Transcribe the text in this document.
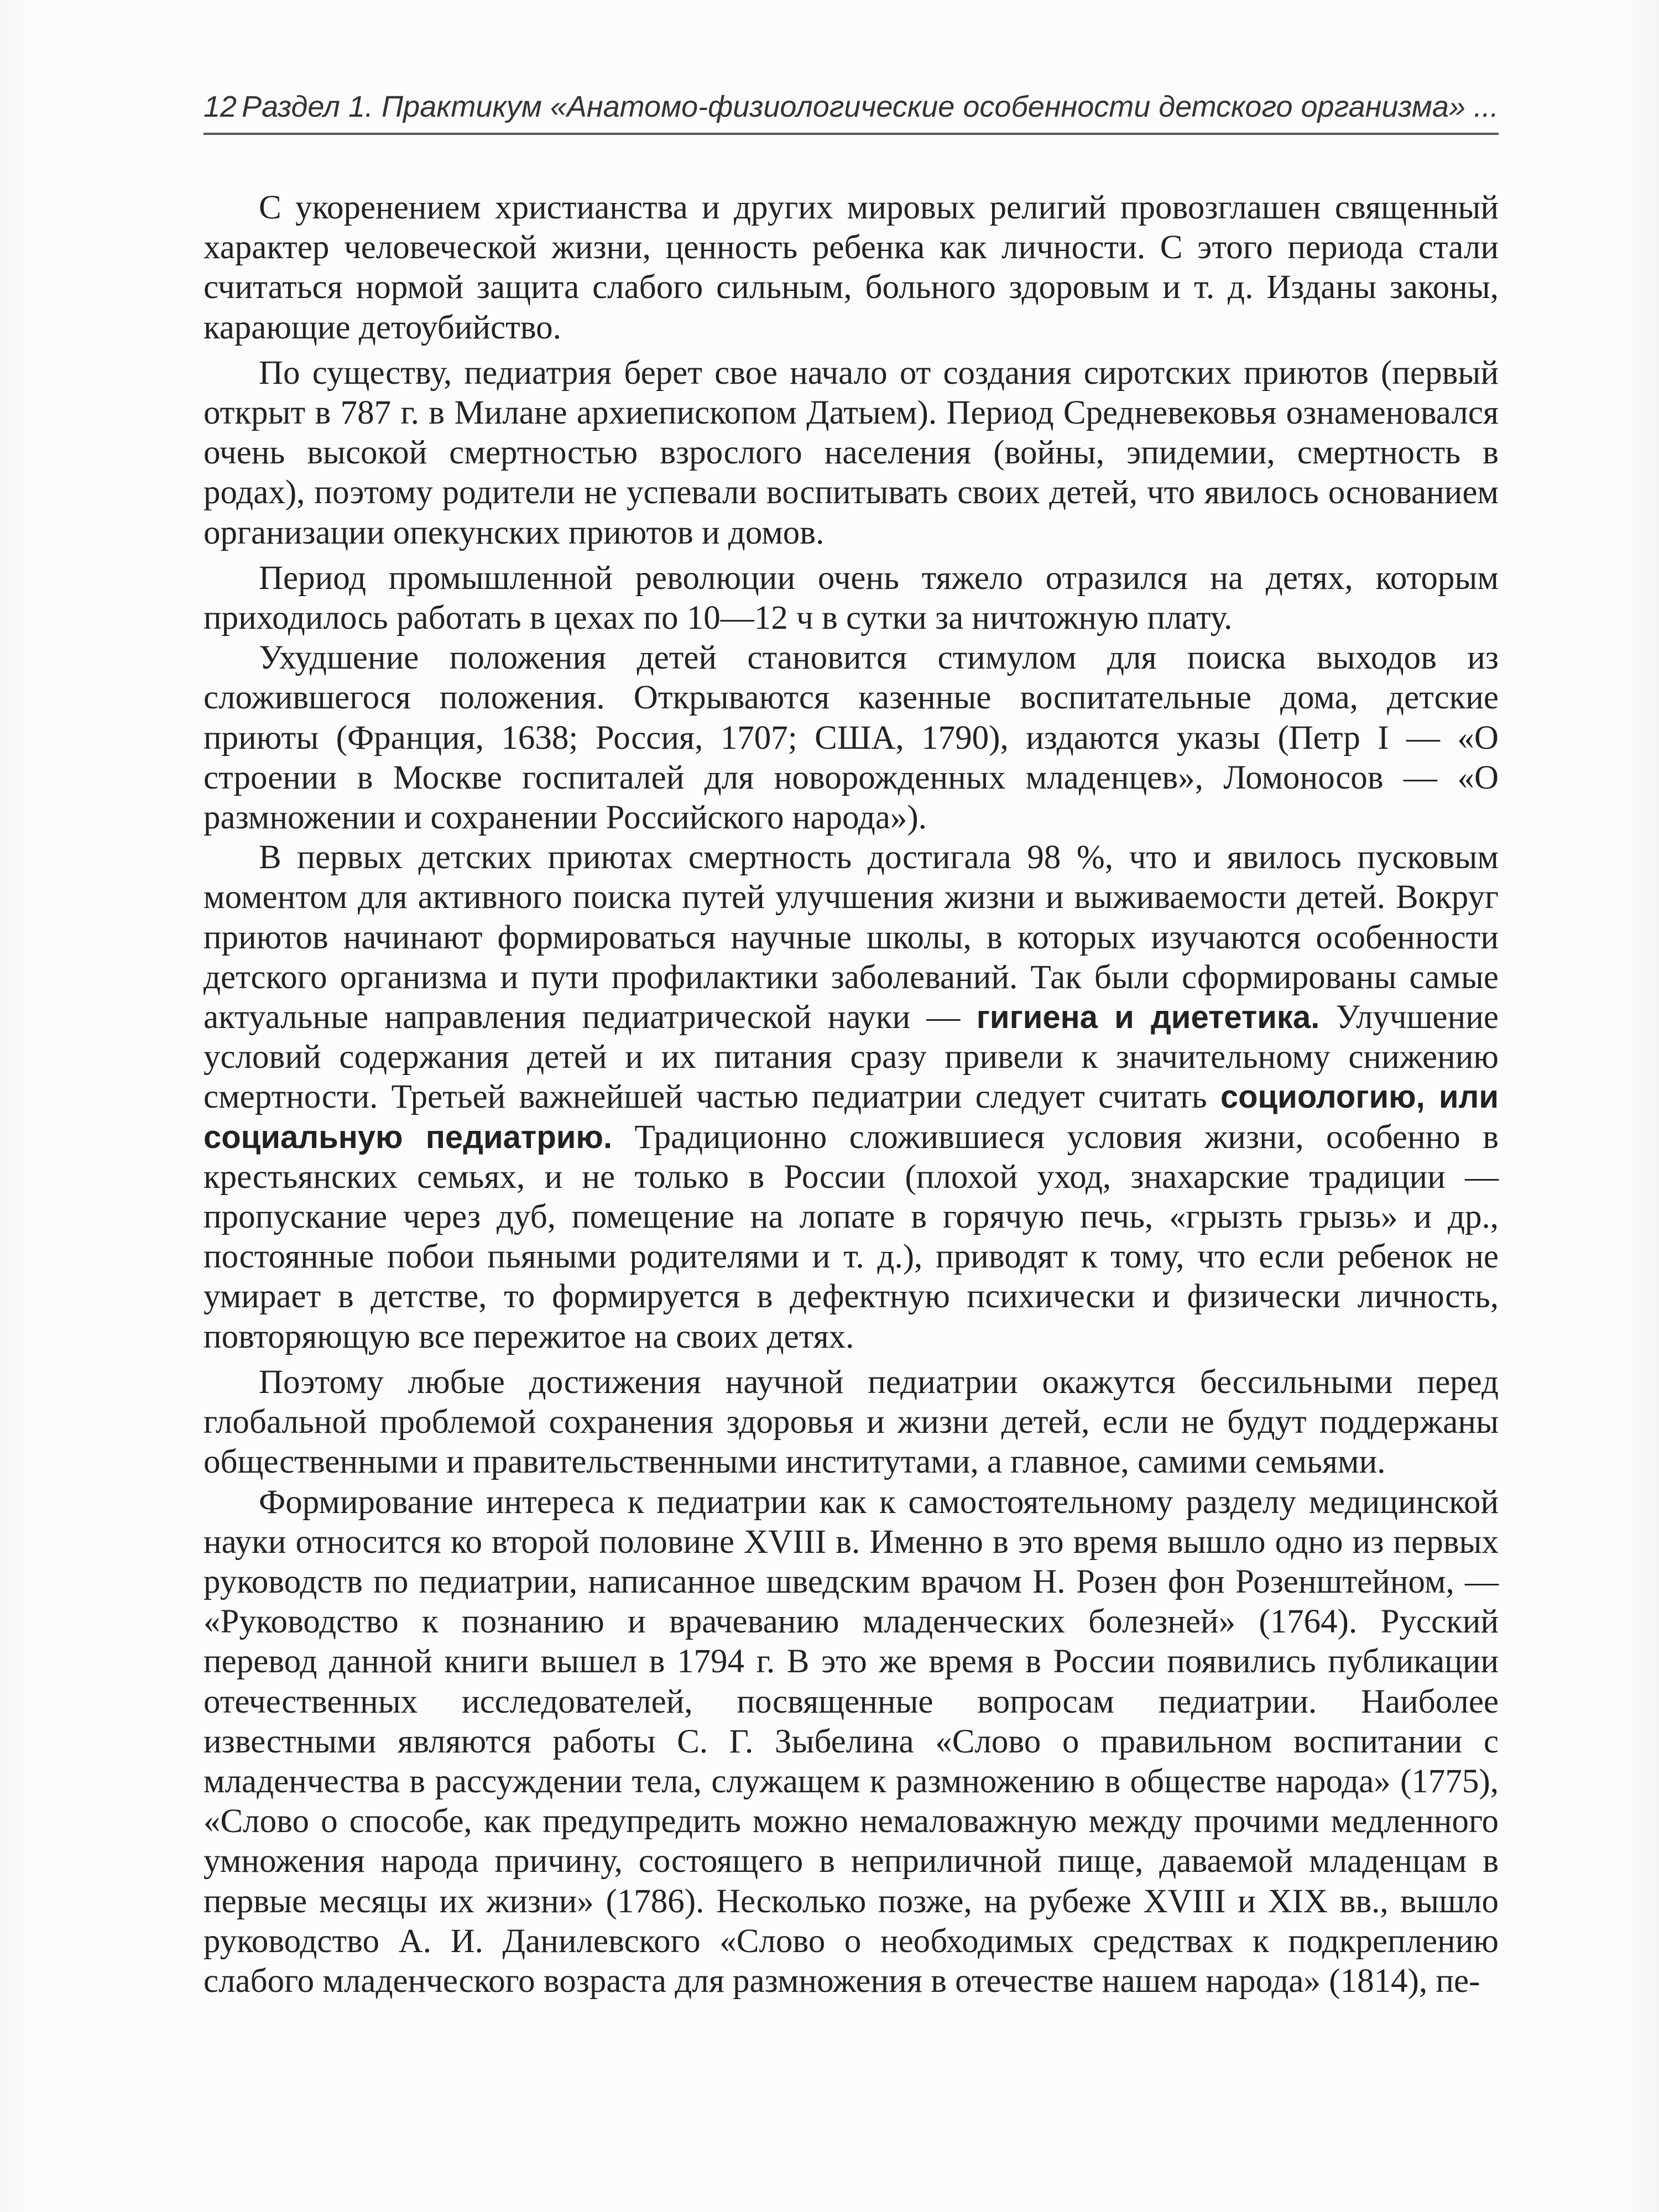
12 Раздел 1. Практикум «Анатомо-физиологические особенности детского организма» ...

С укоренением христианства и других мировых религий провозглашен священный характер человеческой жизни, ценность ребенка как личности. С этого периода стали считаться нормой защита слабого сильным, больного здоровым и т. д. Изданы законы, карающие детоубийство.

По существу, педиатрия берет свое начало от создания сиротских приютов (первый открыт в 787 г. в Милане архиепископом Датыем). Период Средневековья ознаменовался очень высокой смертностью взрослого населения (войны, эпидемии, смертность в родах), поэтому родители не успевали воспитывать своих детей, что явилось основанием организации опекунских приютов и домов.

Период промышленной революции очень тяжело отразился на детях, которым приходилось работать в цехах по 10—12 ч в сутки за ничтожную плату.

Ухудшение положения детей становится стимулом для поиска выходов из сложившегося положения. Открываются казенные воспитательные дома, детские приюты (Франция, 1638; Россия, 1707; США, 1790), издаются указы (Петр I — «О строении в Москве госпиталей для новорожденных младенцев», Ломоносов — «О размножении и сохранении Российского народа»).

В первых детских приютах смертность достигала 98 %, что и явилось пусковым моментом для активного поиска путей улучшения жизни и выживаемости детей. Вокруг приютов начинают формироваться научные школы, в которых изучаются особенности детского организма и пути профилактики заболеваний. Так были сформированы самые актуальные направления педиатрической науки — гигиена и диететика. Улучшение условий содержания детей и их питания сразу привели к значительному снижению смертности. Третьей важнейшей частью педиатрии следует считать социологию, или социальную педиатрию. Традиционно сложившиеся условия жизни, особенно в крестьянских семьях, и не только в России (плохой уход, знахарские традиции — пропускание через дуб, помещение на лопате в горячую печь, «грызть грызь» и др., постоянные побои пьяными родителями и т. д.), приводят к тому, что если ребенок не умирает в детстве, то формируется в дефектную психически и физически личность, повторяющую все пережитое на своих детях.

Поэтому любые достижения научной педиатрии окажутся бессильными перед глобальной проблемой сохранения здоровья и жизни детей, если не будут поддержаны общественными и правительственными институтами, а главное, самими семьями.

Формирование интереса к педиатрии как к самостоятельному разделу медицинской науки относится ко второй половине XVIII в. Именно в это время вышло одно из первых руководств по педиатрии, написанное шведским врачом Н. Розен фон Розенштейном, — «Руководство к познанию и врачеванию младенческих болезней» (1764). Русский перевод данной книги вышел в 1794 г. В это же время в России появились публикации отечественных исследователей, посвященные вопросам педиатрии. Наиболее известными являются работы С. Г. Зыбелина «Слово о правильном воспитании с младенчества в рассуждении тела, служащем к размножению в обществе народа» (1775), «Слово о способе, как предупредить можно немаловажную между прочими медленного умножения народа причину, состоящего в неприличной пище, даваемой младенцам в первые месяцы их жизни» (1786). Несколько позже, на рубеже XVIII и XIX вв., вышло руководство А. И. Данилевского «Слово о необходимых средствах к подкреплению слабого младенческого возраста для размножения в отечестве нашем народа» (1814), пе-
